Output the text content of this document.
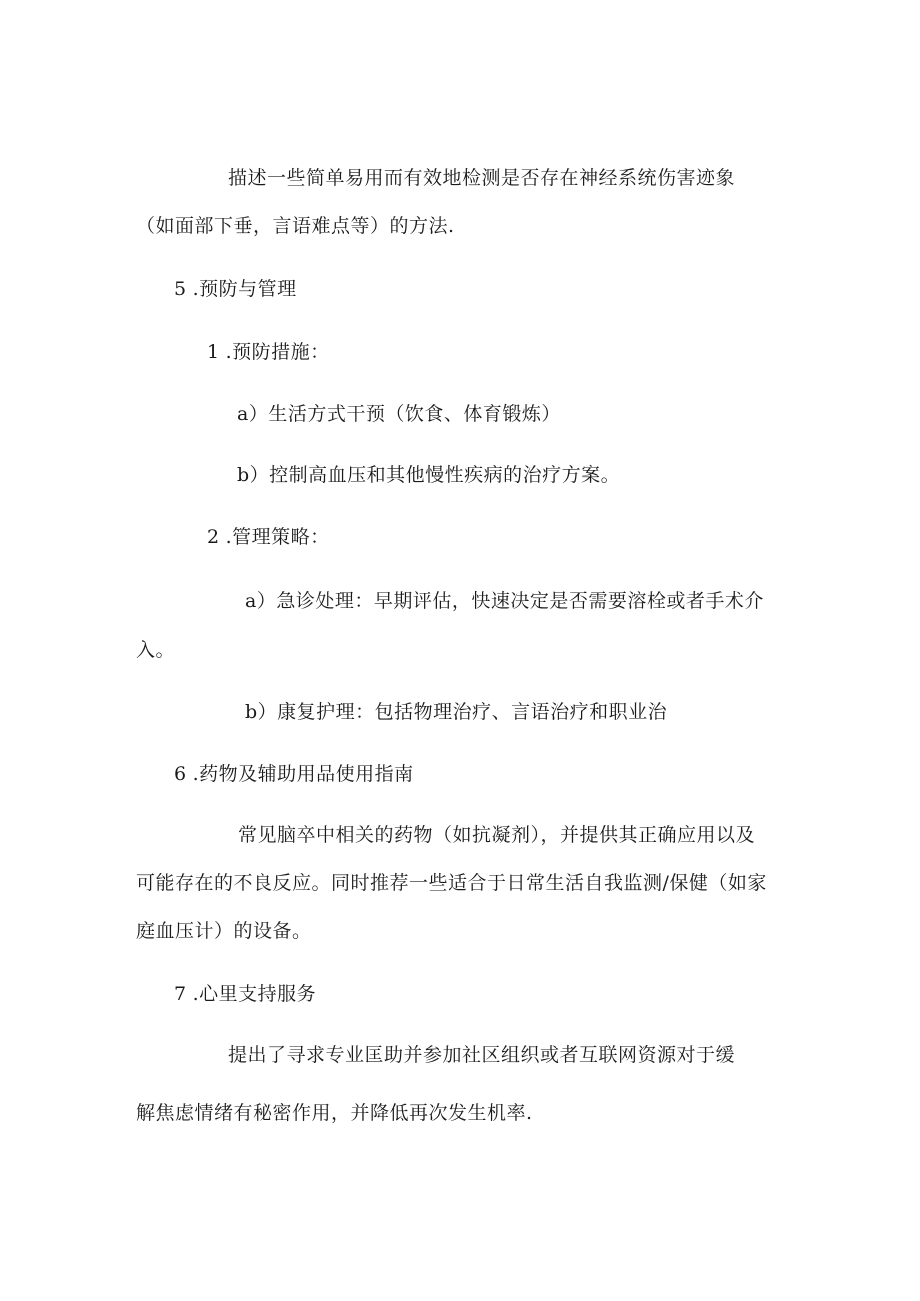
描述一些简单易用而有效地检测是否存在神经系统伤害迹象
（如面部下垂，言语难点等）的方法.
5 .预防与管理
1 .预防措施：
a）生活方式干预（饮食、体育锻炼）
b）控制高血压和其他慢性疾病的治疗方案。
2 .管理策略：
a）急诊处理：早期评估，快速决定是否需要溶栓或者手术介
入。
b）康复护理：包括物理治疗、言语治疗和职业治
6 .药物及辅助用品使用指南
常见脑卒中相关的药物（如抗凝剂），并提供其正确应用以及
可能存在的不良反应。同时推荐一些适合于日常生活自我监测/保健（如家
庭血压计）的设备。
7 .心里支持服务
提出了寻求专业匡助并参加社区组织或者互联网资源对于缓
解焦虑情绪有秘密作用，并降低再次发生机率.
